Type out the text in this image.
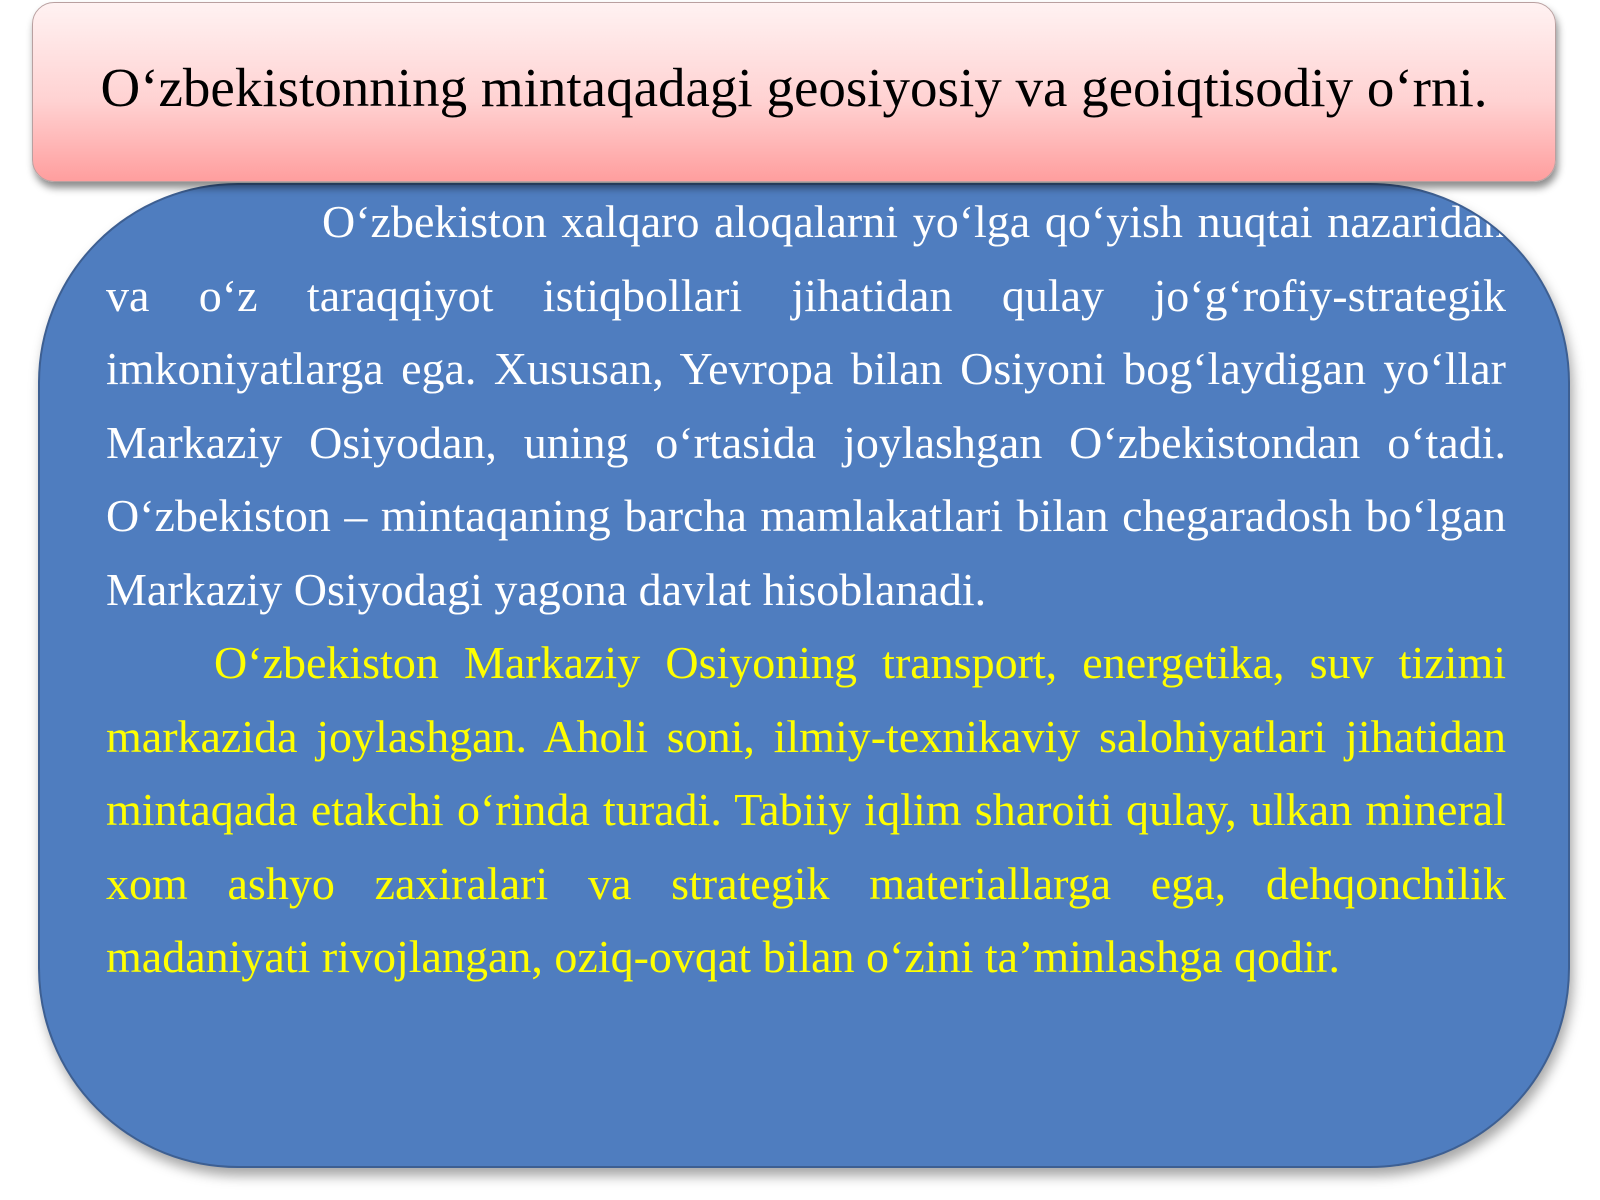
O‘zbekistonning mintaqadagi geosiyosiy va geoiqtisodiy o‘rni.

O‘zbekiston xalqaro aloqalarni yo‘lga qo‘yish nuqtai nazaridan va o‘z taraqqiyot istiqbollari jihatidan qulay jo‘g‘rofiy-strategik imkoniyatlarga ega. Xususan, Yevropa bilan Osiyoni bog‘laydigan yo‘llar Markaziy Osiyodan, uning o‘rtasida joylashgan O‘zbekistondan o‘tadi. O‘zbekiston – mintaqaning barcha mamlakatlari bilan chegaradosh bo‘lgan Markaziy Osiyodagi yagona davlat hisoblanadi.

O‘zbekiston Markaziy Osiyoning transport, energetika, suv tizimi markazida joylashgan. Aholi soni, ilmiy-texnikaviy salohiyatlari jihatidan mintaqada etakchi o‘rinda turadi. Tabiiy iqlim sharoiti qulay, ulkan mineral xom ashyo zaxiralari va strategik materiallarga ega, dehqonchilik madaniyati rivojlangan, oziq-ovqat bilan o‘zini ta’minlashga qodir.
